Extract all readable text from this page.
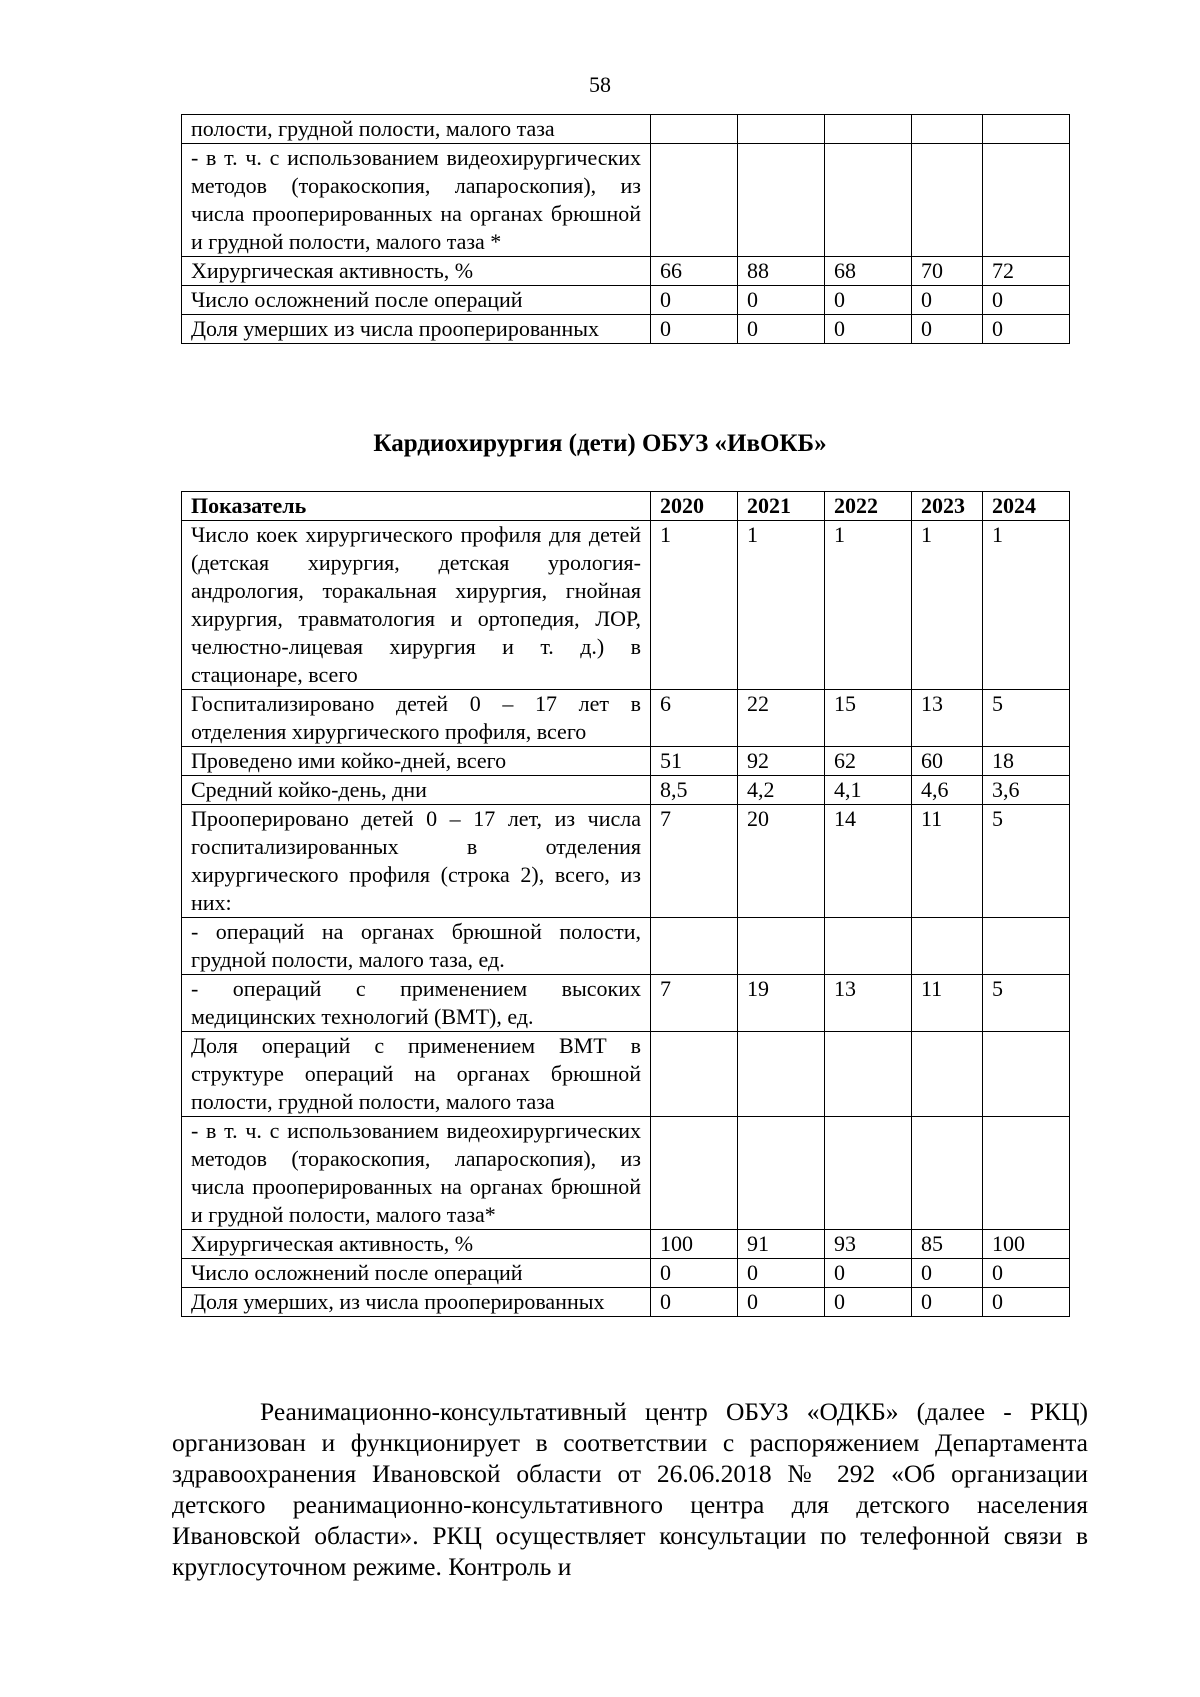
58
полости, грудной полости, малого таза					
- в т. ч. с использованием видеохирургических методов (торакоскопия, лапароскопия), из числа прооперированных на органах брюшной и грудной полости, малого таза *					
Хирургическая активность, %	66	88	68	70	72
Число осложнений после операций	0	0	0	0	0
Доля умерших из числа прооперированных	0	0	0	0	0
Кардиохирургия (дети) ОБУЗ «ИвОКБ»
Показатель	2020	2021	2022	2023	2024
Число коек хирургического профиля для детей (детская хирургия, детская урология-андрология, торакальная хирургия, гнойная хирургия, травматология и ортопедия, ЛОР, челюстно-лицевая хирургия и т. д.) в стационаре, всего	1	1	1	1	1
Госпитализировано детей 0 – 17 лет в отделения хирургического профиля, всего	6	22	15	13	5
Проведено ими койко-дней, всего	51	92	62	60	18
Средний койко-день, дни	8,5	4,2	4,1	4,6	3,6
Прооперировано детей 0 – 17 лет, из числа госпитализированных в отделения хирургического профиля (строка 2), всего, из них:	7	20	14	11	5
- операций на органах брюшной полости, грудной полости, малого таза, ед.					
- операций с применением высоких медицинских технологий (ВМТ), ед.	7	19	13	11	5
Доля операций с применением ВМТ в структуре операций на органах брюшной полости, грудной полости, малого таза					
- в т. ч. с использованием видеохирургических методов (торакоскопия, лапароскопия), из числа прооперированных на органах брюшной и грудной полости, малого таза*					
Хирургическая активность, %	100	91	93	85	100
Число осложнений после операций	0	0	0	0	0
Доля умерших, из числа прооперированных	0	0	0	0	0

Реанимационно-консультативный центр ОБУЗ «ОДКБ» (далее - РКЦ) организован и функционирует в соответствии с распоряжением Департамента здравоохранения Ивановской области от 26.06.2018 № 292 «Об организации детского реанимационно-консультативного центра для детского населения Ивановской области». РКЦ осуществляет консультации по телефонной связи в круглосуточном режиме. Контроль и
